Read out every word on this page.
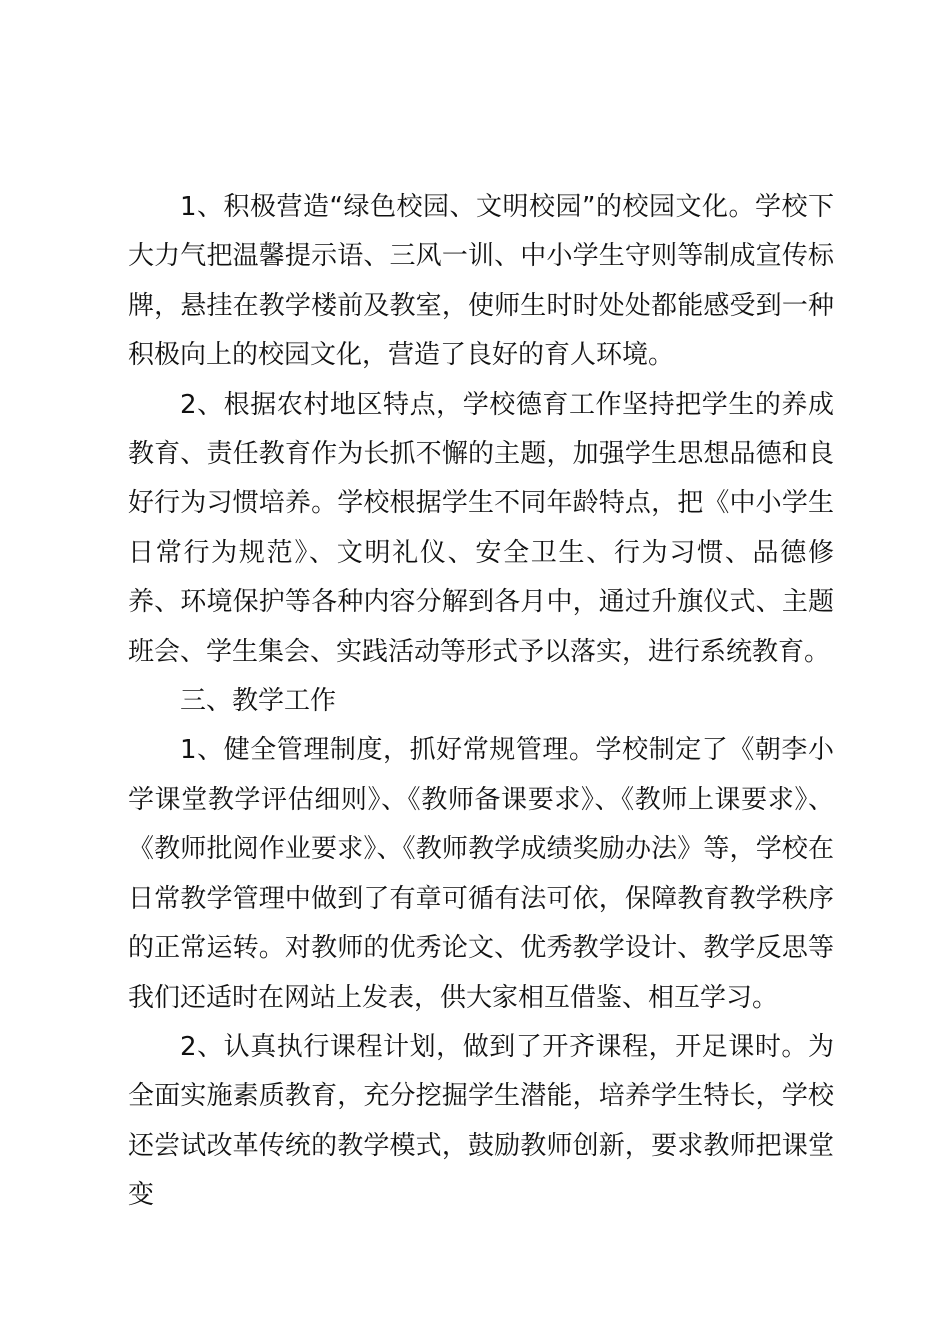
1、积极营造“绿色校园、文明校园”的校园文化。学校下大力气把温馨提示语、三风一训、中小学生守则等制成宣传标牌，悬挂在教学楼前及教室，使师生时时处处都能感受到一种积极向上的校园文化，营造了良好的育人环境。

2、根据农村地区特点，学校德育工作坚持把学生的养成教育、责任教育作为长抓不懈的主题，加强学生思想品德和良好行为习惯培养。学校根据学生不同年龄特点，把《中小学生日常行为规范》、文明礼仪、安全卫生、行为习惯、品德修养、环境保护等各种内容分解到各月中，通过升旗仪式、主题班会、学生集会、实践活动等形式予以落实，进行系统教育。

三、教学工作

1、健全管理制度，抓好常规管理。学校制定了《朝李小学课堂教学评估细则》、《教师备课要求》、《教师上课要求》、《教师批阅作业要求》、《教师教学成绩奖励办法》等，学校在日常教学管理中做到了有章可循有法可依，保障教育教学秩序的正常运转。对教师的优秀论文、优秀教学设计、教学反思等我们还适时在网站上发表，供大家相互借鉴、相互学习。

2、认真执行课程计划，做到了开齐课程，开足课时。为全面实施素质教育，充分挖掘学生潜能，培养学生特长，学校还尝试改革传统的教学模式，鼓励教师创新，要求教师把课堂变
